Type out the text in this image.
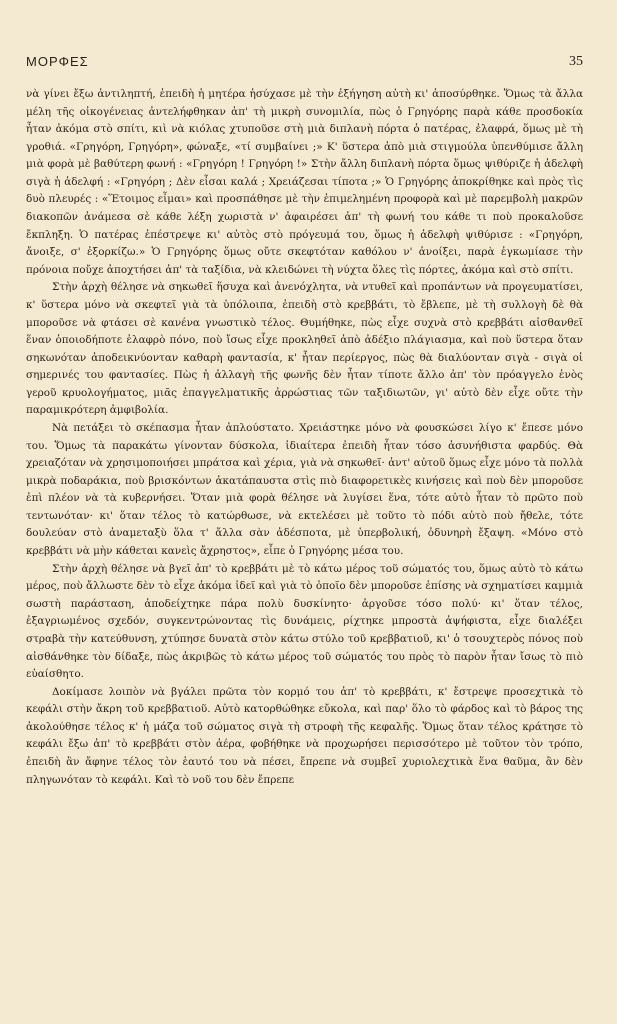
ΜΟΡΦΕΣ	35

νὰ γίνει ἔξω ἀντιληπτή, ἐπειδὴ ἡ μητέρα ἡσύχασε μὲ τὴν ἐξήγηση αὐτὴ κι' ἀποσύρθηκε. Ὅμως τὰ ἄλλα μέλη τῆς οἰκογένειας ἀντελήφθηκαν ἀπ' τὴ μικρὴ συνομιλία, πὼς ὁ Γρηγόρης παρὰ κάθε προσδοκία ἦταν ἀκόμα στὸ σπίτι, κιὶ νὰ κιόλας χτυποῦσε στὴ μιὰ διπλανὴ πόρτα ὁ πατέρας, ἐλαφρά, ὅμως μὲ τὴ γροθιά. «Γρηγόρη, Γρηγόρη», φώναξε, «τί συμβαίνει ;» Κ' ὕστερα ἀπὸ μιὰ στιγμούλα ὑπενθύμισε ἄλλη μιὰ φορὰ μὲ βαθύτερη φωνή : «Γρηγόρη ! Γρηγόρη !» Στὴν ἄλλη διπλανὴ πόρτα ὅμως ψιθύριζε ἡ ἀδελφὴ σιγὰ ἡ ἀδελφή : «Γρηγόρη ; Δὲν εἶσαι καλά ; Χρειάζεσαι τίποτα ;» Ὁ Γρηγόρης ἀποκρίθηκε καὶ πρὸς τὶς δυὸ πλευρές : «Ἕτοιμος εἶμαι» καὶ προσπάθησε μὲ τὴν ἐπιμελημένη προφορὰ καὶ μὲ παρεμβολὴ μακρῶν διακοπῶν ἀνάμεσα σὲ κάθε λέξη χωριστὰ ν' ἀφαιρέσει ἀπ' τὴ φωνή του κάθε τι ποὺ προκαλοῦσε ἔκπληξη. Ὁ πατέρας ἐπέστρεψε κι' αὐτὸς στὸ πρόγευμά του, ὅμως ἡ ἀδελφὴ ψιθύρισε : «Γρηγόρη, ἄνοιξε, σ' ἐξορκίζω.» Ὁ Γρηγόρης ὅμως οὔτε σκεφτόταν καθόλου ν' ἀνοίξει, παρὰ ἐγκωμίασε τὴν πρόνοια ποὔχε ἀποχτήσει ἀπ' τὰ ταξίδια, νὰ κλειδώνει τὴ νύχτα ὅλες τὶς πόρτες, ἀκόμα καὶ στὸ σπίτι.

Στὴν ἀρχὴ θέλησε νὰ σηκωθεῖ ἥσυχα καὶ ἀνενόχλητα, νὰ ντυθεῖ καὶ προπάντων νὰ προγευματίσει, κ' ὕστερα μόνο νὰ σκεφτεῖ γιὰ τὰ ὑπόλοιπα, ἐπειδὴ στὸ κρεββάτι, τὸ ἔβλεπε, μὲ τὴ συλλογὴ δὲ θὰ μποροῦσε νὰ φτάσει σὲ κανένα γνωστικὸ τέλος. Θυμήθηκε, πὼς εἶχε συχνὰ στὸ κρεββάτι αἰσθανθεῖ ἕναν ὁποιοδήποτε ἐλαφρὸ πόνο, ποὺ ἴσως εἶχε προκληθεῖ ἀπὸ ἀδέξιο πλάγιασμα, καὶ ποὺ ὕστερα ὅταν σηκωνόταν ἀποδεικνύονταν καθαρὴ φαντασία, κ' ἦταν περίεργος, πὼς θὰ διαλύονταν σιγὰ - σιγὰ οἱ σημερινές του φαντασίες. Πὼς ἡ ἀλλαγὴ τῆς φωνῆς δὲν ἦταν τίποτε ἄλλο ἀπ' τὸν πρόαγγελο ἑνὸς γεροῦ κρυολογήματος, μιᾶς ἐπαγγελματικῆς ἀρρώστιας τῶν ταξιδιωτῶν, γι' αὐτὸ δὲν εἶχε οὔτε τὴν παραμικρότερη ἀμφιβολία.

Νὰ πετάξει τὸ σκέπασμα ἦταν ἁπλούστατο. Χρειάστηκε μόνο νὰ φουσκώσει λίγο κ' ἔπεσε μόνο του. Ὅμως τὰ παρακάτω γίνονταν δύσκολα, ἰδιαίτερα ἐπειδὴ ἦταν τόσο ἀσυνήθιστα φαρδύς. Θὰ χρειαζόταν νὰ χρησιμοποιήσει μπράτσα καὶ χέρια, γιὰ νὰ σηκωθεῖ· ἀντ' αὐτοῦ ὅμως εἶχε μόνο τὰ πολλὰ μικρὰ ποδαράκια, ποὺ βρισκόντων ἀκατάπαυστα στὶς πιὸ διαφορετικὲς κινήσεις καὶ ποὺ δὲν μποροῦσε ἐπὶ πλέον νὰ τὰ κυβερνήσει. Ὅταν μιὰ φορὰ θέλησε νὰ λυγίσει ἕνα, τότε αὐτὸ ἦταν τὸ πρῶτο ποὺ τεντωνόταν· κι' ὅταν τέλος τὸ κατώρθωσε, νὰ εκτελέσει μὲ τοῦτο τὸ πόδι αὐτὸ ποὺ ἤθελε, τότε δουλεύαν στὸ ἀναμεταξὺ ὅλα τ' ἄλλα σὰν ἀδέσποτα, μὲ ὑπερβολική, ὀδυνηρὴ ἔξαψη. «Μόνο στὸ κρεββάτι νὰ μὴν κάθεται κανεὶς ἄχρηστος», εἶπε ὁ Γρηγόρης μέσα του.

Στὴν ἀρχὴ θέλησε νὰ βγεῖ ἀπ' τὸ κρεββάτι μὲ τὸ κάτω μέρος τοῦ σώματός του, ὅμως αὐτὸ τὸ κάτω μέρος, ποὺ ἄλλωστε δὲν τὸ εἶχε ἀκόμα ἰδεῖ καὶ γιὰ τὸ ὁποῖο δὲν μποροῦσε ἐπίσης νὰ σχηματίσει καμμιὰ σωστὴ παράσταση, ἀποδείχτηκε πάρα πολὺ δυσκίνητο· ἀργοῦσε τόσο πολύ· κι' ὅταν τέλος, ἐξαγριωμένος σχεδόν, συγκεντρώνοντας τὶς δυνάμεις, ρίχτηκε μπροστὰ ἀψήφιστα, εἶχε διαλέξει στραβὰ τὴν κατεύθυνση, χτύπησε δυνατὰ στὸν κάτω στύλο τοῦ κρεββατιοῦ, κι' ὁ τσουχτερὸς πόνος ποὺ αἰσθάνθηκε τὸν δίδαξε, πὼς ἀκριβῶς τὸ κάτω μέρος τοῦ σώματός του πρὸς τὸ παρὸν ἦταν ἴσως τὸ πιὸ εὐαίσθητο.

Δοκίμασε λοιπὸν νὰ βγάλει πρῶτα τὸν κορμό του ἀπ' τὸ κρεββάτι, κ' ἔστρεψε προσεχτικὰ τὸ κεφάλι στὴν ἄκρη τοῦ κρεββατιοῦ. Αὐτὸ κατορθώθηκε εὔκολα, καὶ παρ' ὅλο τὸ φάρδος καὶ τὸ βάρος της ἀκολούθησε τέλος κ' ἡ μάζα τοῦ σώματος σιγὰ τὴ στροφὴ τῆς κεφαλῆς. Ὅμως ὅταν τέλος κράτησε τὸ κεφάλι ἔξω ἀπ' τὸ κρεββάτι στὸν ἀέρα, φοβήθηκε νὰ προχωρήσει περισσότερο μὲ τοῦτον τὸν τρόπο, ἐπειδὴ ἂν ἄφηνε τέλος τὸν ἑαυτό του νὰ πέσει, ἔπρεπε νὰ συμβεῖ χυριολεχτικὰ ἕνα θαῦμα, ἂν δὲν πληγωνόταν τὸ κεφάλι. Καὶ τὸ νοῦ του δὲν ἔπρεπε
